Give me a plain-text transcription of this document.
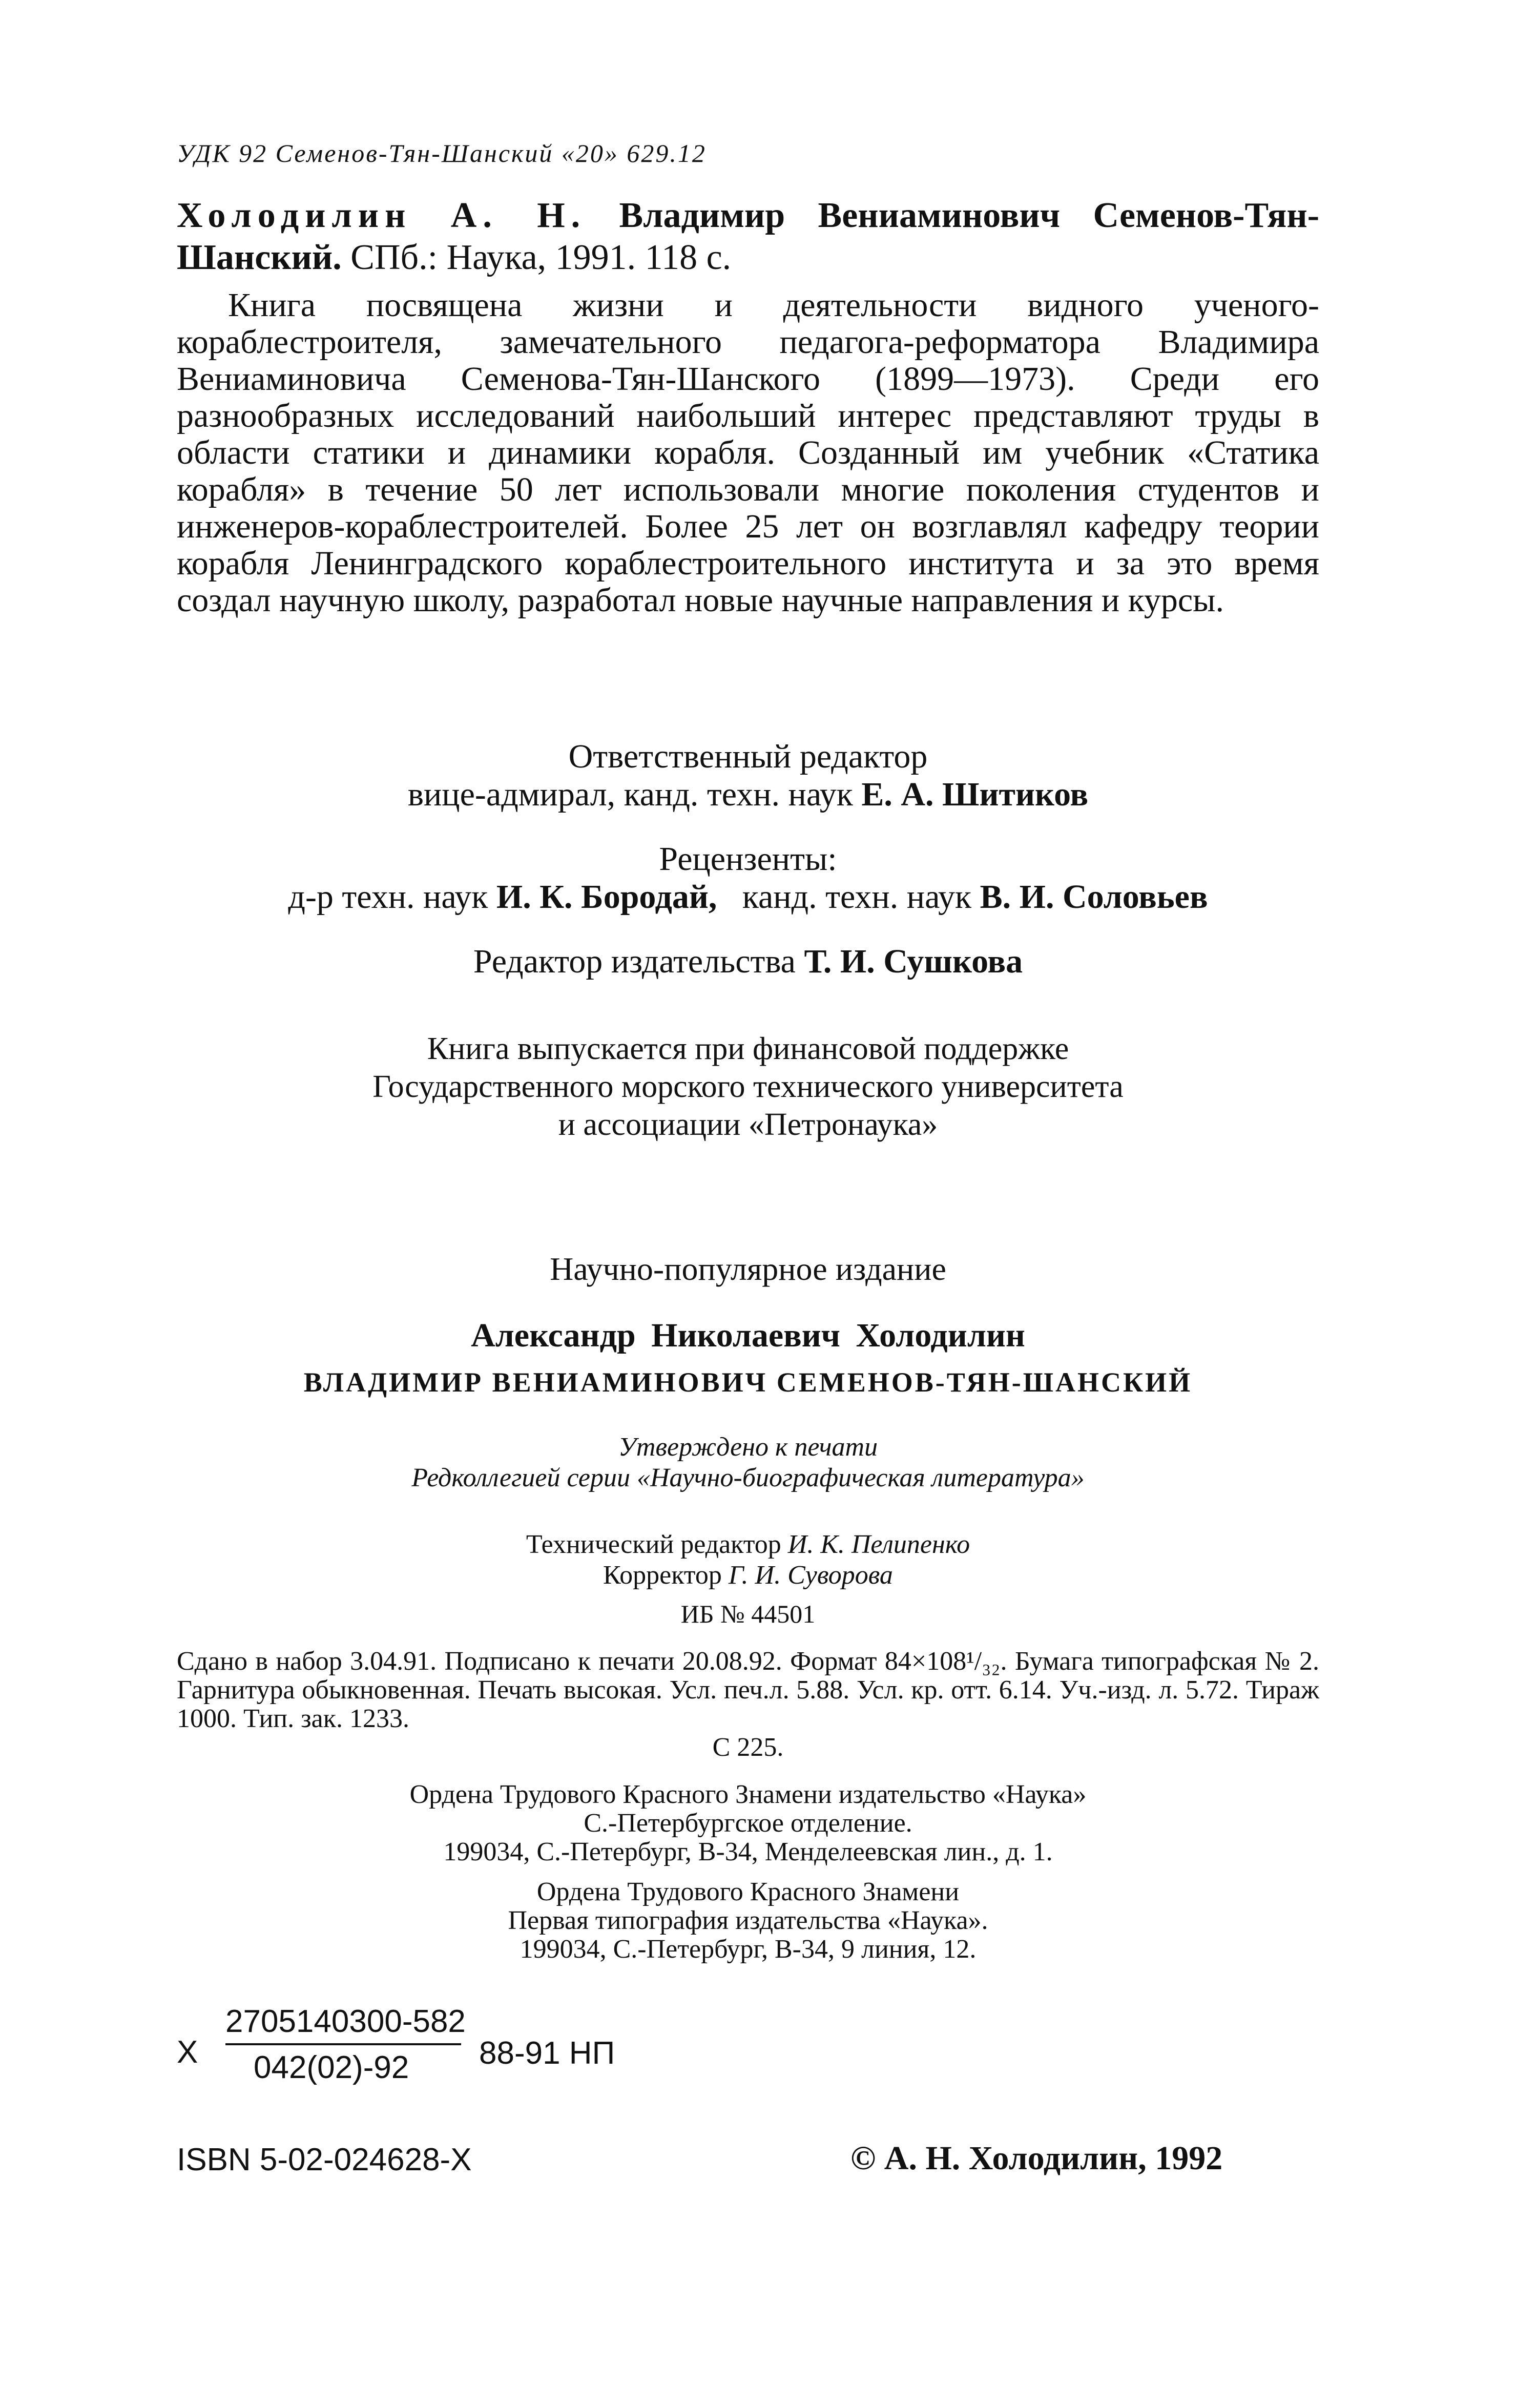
УДК 92 Семенов-Тян-Шанский «20» 629.12
Холодилин А. Н. Владимир Вениаминович Семенов-Тян-Шанский. СПб.: Наука, 1991. 118 с.
Книга посвящена жизни и деятельности видного ученого-кораблестроителя, замечательного педагога-реформатора Владимира Вениаминовича Семенова-Тян-Шанского (1899—1973). Среди его разнообразных исследований наибольший интерес представляют труды в области статики и динамики корабля. Созданный им учебник «Статика корабля» в течение 50 лет использовали многие поколения студентов и инженеров-кораблестроителей. Более 25 лет он возглавлял кафедру теории корабля Ленинградского кораблестроительного института и за это время создал научную школу, разработал новые научные направления и курсы.
Ответственный редактор
вице-адмирал, канд. техн. наук Е. А. Шитиков
Рецензенты:
д-р техн. наук И. К. Бородай, канд. техн. наук В. И. Соловьев
Редактор издательства Т. И. Сушкова
Книга выпускается при финансовой поддержке
Государственного морского технического университета
и ассоциации «Петронаука»
Научно-популярное издание
Александр Николаевич Холодилин
ВЛАДИМИР ВЕНИАМИНОВИЧ СЕМЕНОВ-ТЯН-ШАНСКИЙ
Утверждено к печати
Редколлегией серии «Научно-биографическая литература»
Технический редактор И. К. Пелипенко
Корректор Г. И. Суворова
ИБ № 44501
Сдано в набор 3.04.91. Подписано к печати 20.08.92. Формат 84×108¹/₃₂. Бумага типографская № 2. Гарнитура обыкновенная. Печать высокая. Усл. печ.л. 5.88. Усл. кр. отт. 6.14. Уч.-изд. л. 5.72. Тираж 1000. Тип. зак. 1233.
С 225.
Ордена Трудового Красного Знамени издательство «Наука»
С.-Петербургское отделение.
199034, С.-Петербург, В-34, Менделеевская лин., д. 1.
Ордена Трудового Красного Знамени
Первая типография издательства «Наука».
199034, С.-Петербург, В-34, 9 линия, 12.
Х
2705140300-582
042(02)-92 88-91 НП
ISBN 5-02-024628-Х	© А. Н. Холодилин, 1992
